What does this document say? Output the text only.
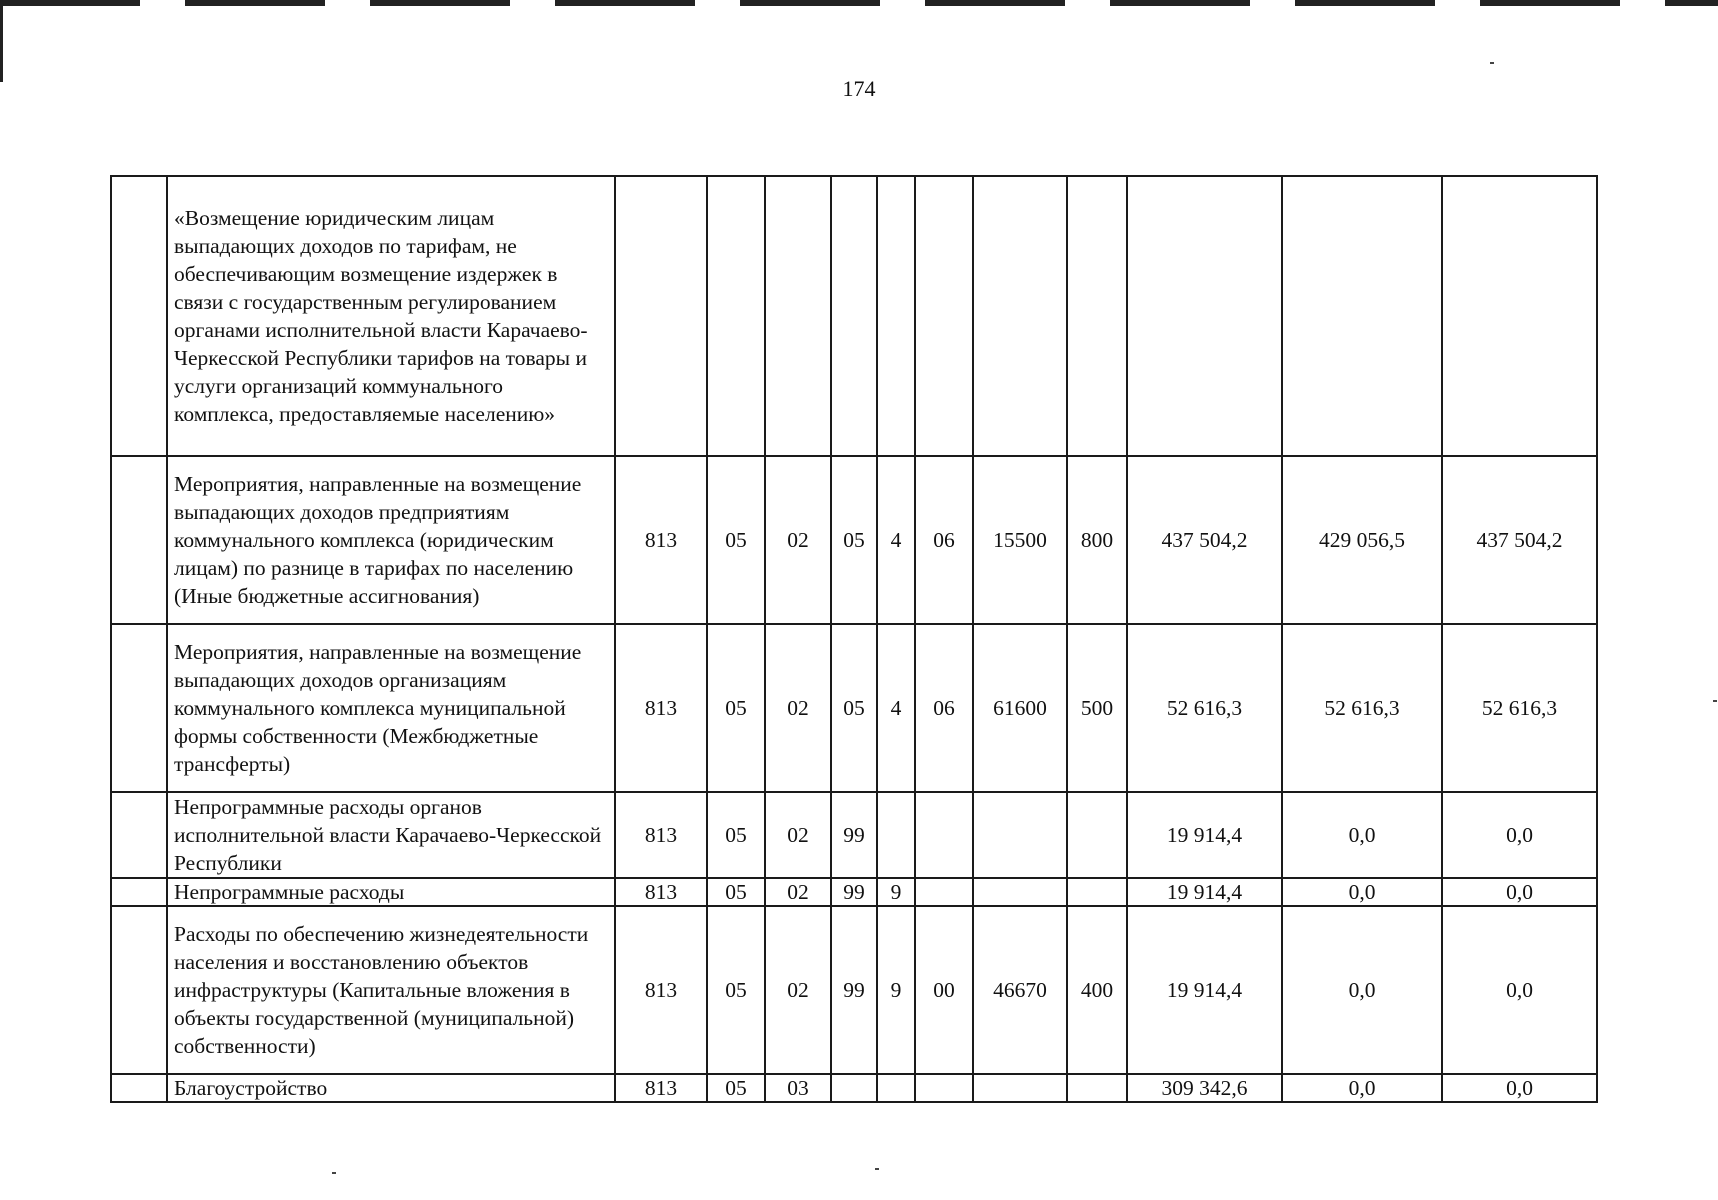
174
	«Возмещение юридическим лицам выпадающих доходов по тарифам, не обеспечивающим возмещение издержек в связи с государственным регулированием органами исполнительной власти Карачаево-Черкесской Республики тарифов на товары и услуги организаций коммунального комплекса, предоставляемые населению»											
	Мероприятия, направленные на возмещение выпадающих доходов предприятиям коммунального комплекса (юридическим лицам) по разнице в тарифах по населению (Иные бюджетные ассигнования)	813	05	02	05	4	06	15500	800	437 504,2	429 056,5	437 504,2
	Мероприятия, направленные на возмещение выпадающих доходов организациям коммунального комплекса муниципальной формы собственности (Межбюджетные трансферты)	813	05	02	05	4	06	61600	500	52 616,3	52 616,3	52 616,3
	Непрограммные расходы органов исполнительной власти Карачаево-Черкесской Республики	813	05	02	99					19 914,4	0,0	0,0
	Непрограммные расходы	813	05	02	99	9				19 914,4	0,0	0,0
	Расходы по обеспечению жизнедеятельности населения и восстановлению объектов инфраструктуры (Капитальные вложения в объекты государственной (муниципальной) собственности)	813	05	02	99	9	00	46670	400	19 914,4	0,0	0,0
	Благоустройство	813	05	03						309 342,6	0,0	0,0
